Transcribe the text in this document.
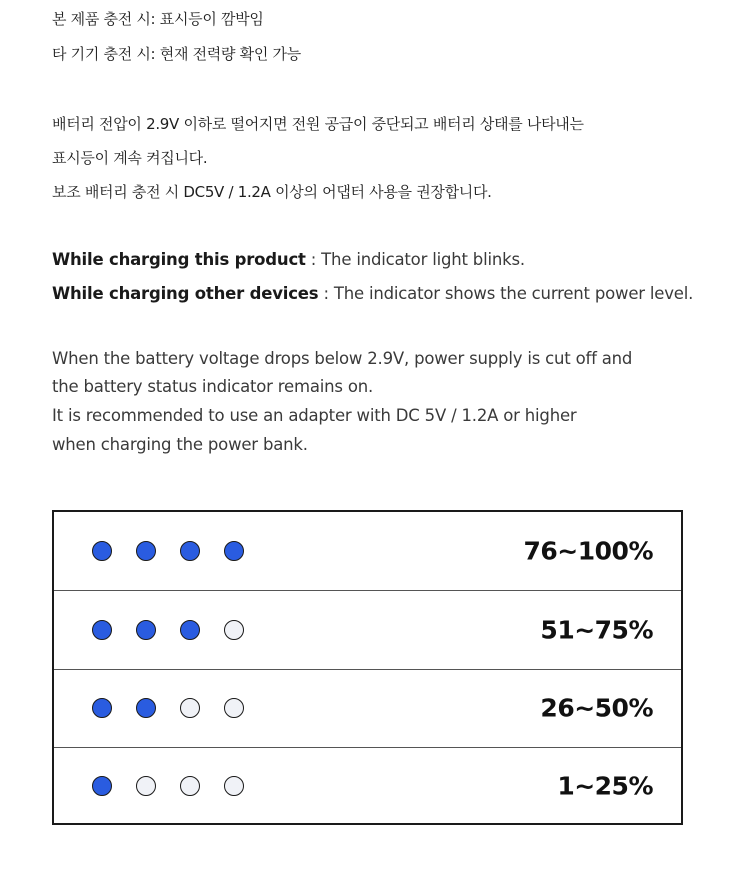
본 제품 충전 시: 표시등이 깜박임
타 기기 충전 시: 현재 전력량 확인 가능
배터리 전압이 2.9V 이하로 떨어지면 전원 공급이 중단되고 배터리 상태를 나타내는
표시등이 계속 켜집니다.
보조 배터리 충전 시 DC5V / 1.2A 이상의 어댑터 사용을 권장합니다.
While charging this product : The indicator light blinks.
While charging other devices : The indicator shows the current power level.
When the battery voltage drops below 2.9V, power supply is cut off and
the battery status indicator remains on.
It is recommended to use an adapter with DC 5V / 1.2A or higher
when charging the power bank.
76~100%
51~75%
26~50%
1~25%
